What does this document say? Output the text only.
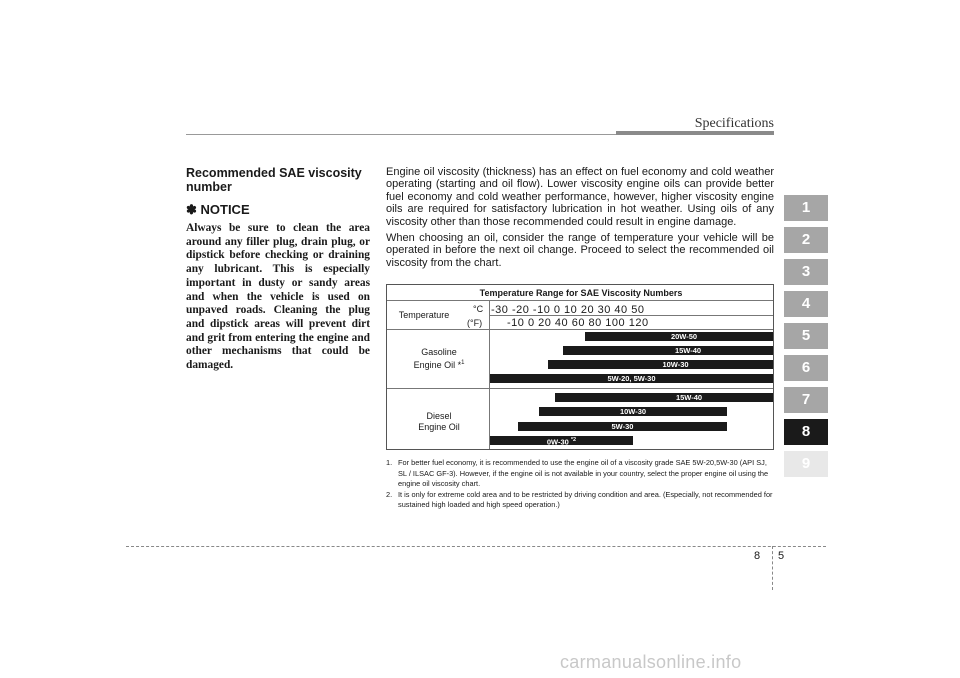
Specifications

Recommended SAE viscosity number

✽ NOTICE

Always be sure to clean the area around any filler plug, drain plug, or dipstick before checking or draining any lubricant. This is especially important in dusty or sandy areas and when the vehicle is used on unpaved roads. Cleaning the plug and dipstick areas will prevent dirt and grit from entering the engine and other mechanisms that could be damaged.

Engine oil viscosity (thickness) has an effect on fuel economy and cold weather operating (starting and oil flow). Lower viscosity engine oils can provide better fuel economy and cold weather performance, however, higher viscosity engine oils are required for satisfactory lubrication in hot weather. Using oils of any viscosity other than those recommended could result in engine damage.

When choosing an oil, consider the range of temperature your vehicle will be operated in before the next oil change. Proceed to select the recommended oil viscosity from the chart.

Temperature Range for SAE Viscosity Numbers
Temperature
°C
(°F)
-30 -20 -10 0 10 20 30 40 50
-10 0 20 40 60 80 100 120
Gasoline
Engine Oil *$^1$
Diesel
Engine Oil
20W-50
15W-40
10W-30
5W-20, 5W-30
15W-40
10W-30
5W-30
0W-30 $^{*2}$

1. For better fuel economy, it is recommended to use the engine oil of a viscosity grade SAE 5W-20,5W-30 (API SJ, SL / ILSAC GF-3). However, if the engine oil is not available in your country, select the proper engine oil using the engine oil viscosity chart.

2. It is only for extreme cold area and to be restricted by driving condition and area. (Especially, not recommended for sustained high loaded and high speed operation.)

1
2
3
4
5
6
7
8
9
8 5
carmanualsonline.info
